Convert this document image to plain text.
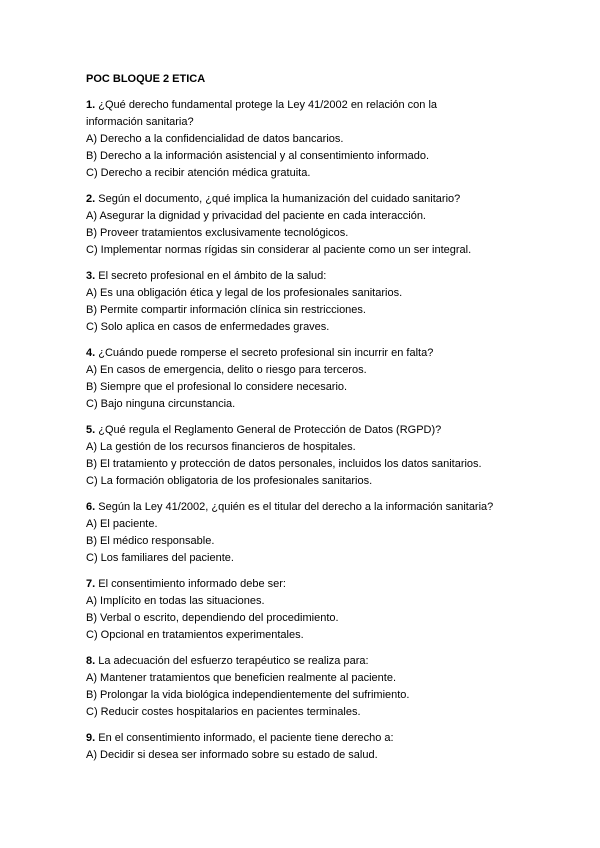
POC BLOQUE 2 ETICA

1. ¿Qué derecho fundamental protege la Ley 41/2002 en relación con la

información sanitaria?

A) Derecho a la confidencialidad de datos bancarios.

B) Derecho a la información asistencial y al consentimiento informado.

C) Derecho a recibir atención médica gratuita.

2. Según el documento, ¿qué implica la humanización del cuidado sanitario?

A) Asegurar la dignidad y privacidad del paciente en cada interacción.

B) Proveer tratamientos exclusivamente tecnológicos.

C) Implementar normas rígidas sin considerar al paciente como un ser integral.

3. El secreto profesional en el ámbito de la salud:

A) Es una obligación ética y legal de los profesionales sanitarios.

B) Permite compartir información clínica sin restricciones.

C) Solo aplica en casos de enfermedades graves.

4. ¿Cuándo puede romperse el secreto profesional sin incurrir en falta?

A) En casos de emergencia, delito o riesgo para terceros.

B) Siempre que el profesional lo considere necesario.

C) Bajo ninguna circunstancia.

5. ¿Qué regula el Reglamento General de Protección de Datos (RGPD)?

A) La gestión de los recursos financieros de hospitales.

B) El tratamiento y protección de datos personales, incluidos los datos sanitarios.

C) La formación obligatoria de los profesionales sanitarios.

6. Según la Ley 41/2002, ¿quién es el titular del derecho a la información sanitaria?

A) El paciente.

B) El médico responsable.

C) Los familiares del paciente.

7. El consentimiento informado debe ser:

A) Implícito en todas las situaciones.

B) Verbal o escrito, dependiendo del procedimiento.

C) Opcional en tratamientos experimentales.

8. La adecuación del esfuerzo terapéutico se realiza para:

A) Mantener tratamientos que beneficien realmente al paciente.

B) Prolongar la vida biológica independientemente del sufrimiento.

C) Reducir costes hospitalarios en pacientes terminales.

9. En el consentimiento informado, el paciente tiene derecho a:

A) Decidir si desea ser informado sobre su estado de salud.
